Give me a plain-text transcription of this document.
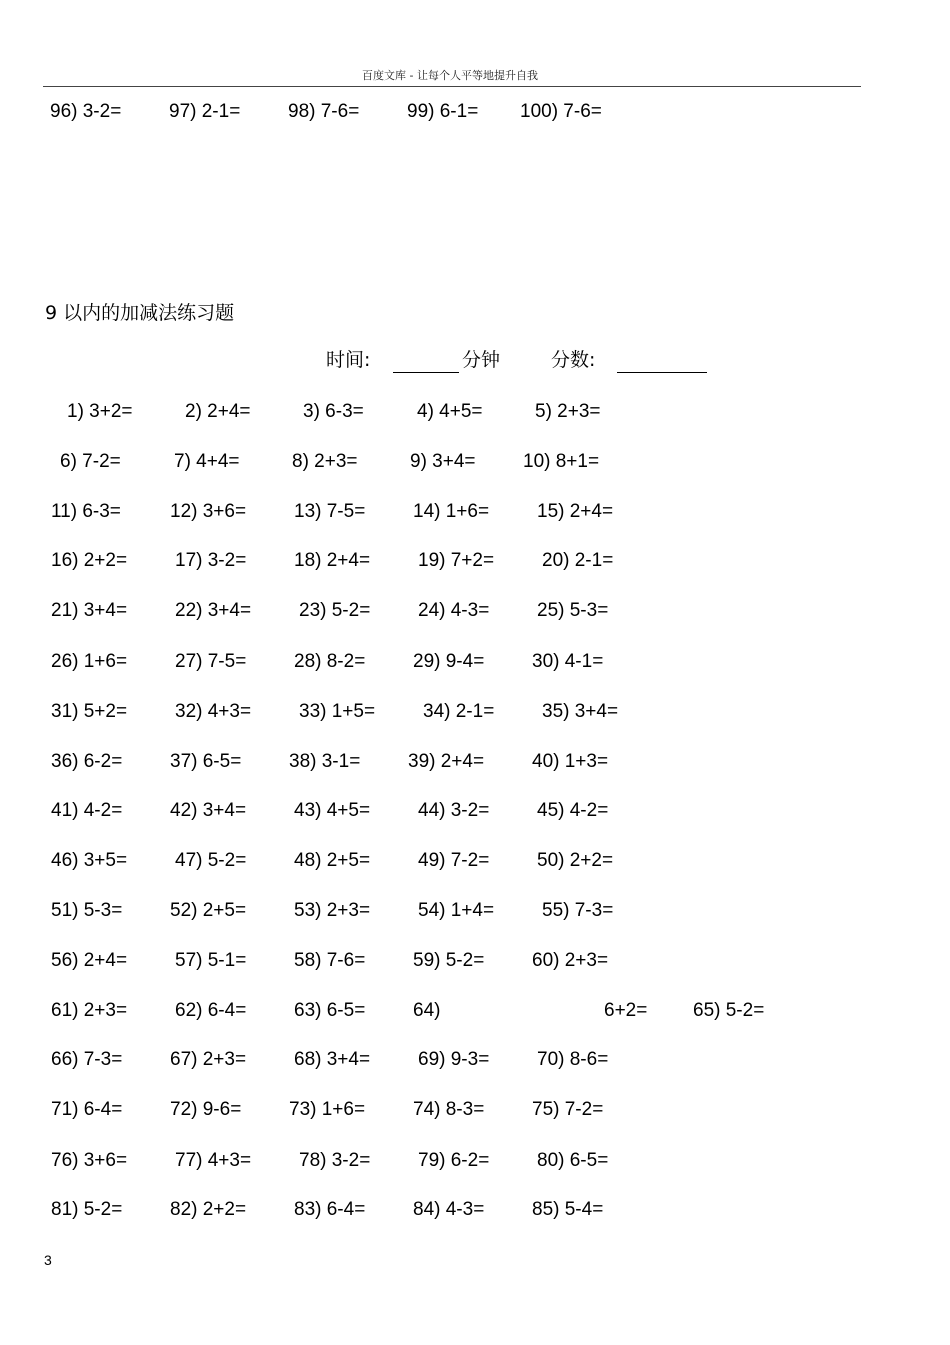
百度文库 - 让每个人平等地提升自我
96) 3-2=	97) 2-1=	98) 7-6=	99) 6-1= 100) 7-6=
9 以内的加减法练习题
时间:	分钟	分数:
1) 3+2=	2) 2+4=	3) 6-3=	4) 4+5=	5) 2+3=
6) 7-2=	7) 4+4=	8) 2+3=	9) 3+4=	10) 8+1=
11) 6-3=	12) 3+6=	13) 7-5=	14) 1+6=	15) 2+4=
16) 2+2=	17) 3-2=	18) 2+4=	19) 7+2=	20) 2-1=
21) 3+4=	22) 3+4=	23) 5-2=	24) 4-3=	25) 5-3=
26) 1+6=	27) 7-5=	28) 8-2=	29) 9-4=	30) 4-1=
31) 5+2=	32) 4+3=	33) 1+5=	34) 2-1=	35) 3+4=
36) 6-2=	37) 6-5=	38) 3-1=	39) 2+4=	40) 1+3=
41) 4-2=	42) 3+4=	43) 4+5=	44) 3-2=	45) 4-2=
46) 3+5=	47) 5-2=	48) 2+5=	49) 7-2=	50) 2+2=
51) 5-3=	52) 2+5=	53) 2+3=	54) 1+4=	55) 7-3=
56) 2+4=	57) 5-1=	58) 7-6=	59) 5-2=	60) 2+3=
61) 2+3=	62) 6-4=	63) 6-5=	64)	6+2= 65) 5-2=
66) 7-3=	67) 2+3=	68) 3+4=	69) 9-3=	70) 8-6=
71) 6-4=	72) 9-6=	73) 1+6=	74) 8-3=	75) 7-2=
76) 3+6=	77) 4+3=	78) 3-2=	79) 6-2=	80) 6-5=
81) 5-2=	82) 2+2=	83) 6-4=	84) 4-3=	85) 5-4=
3
